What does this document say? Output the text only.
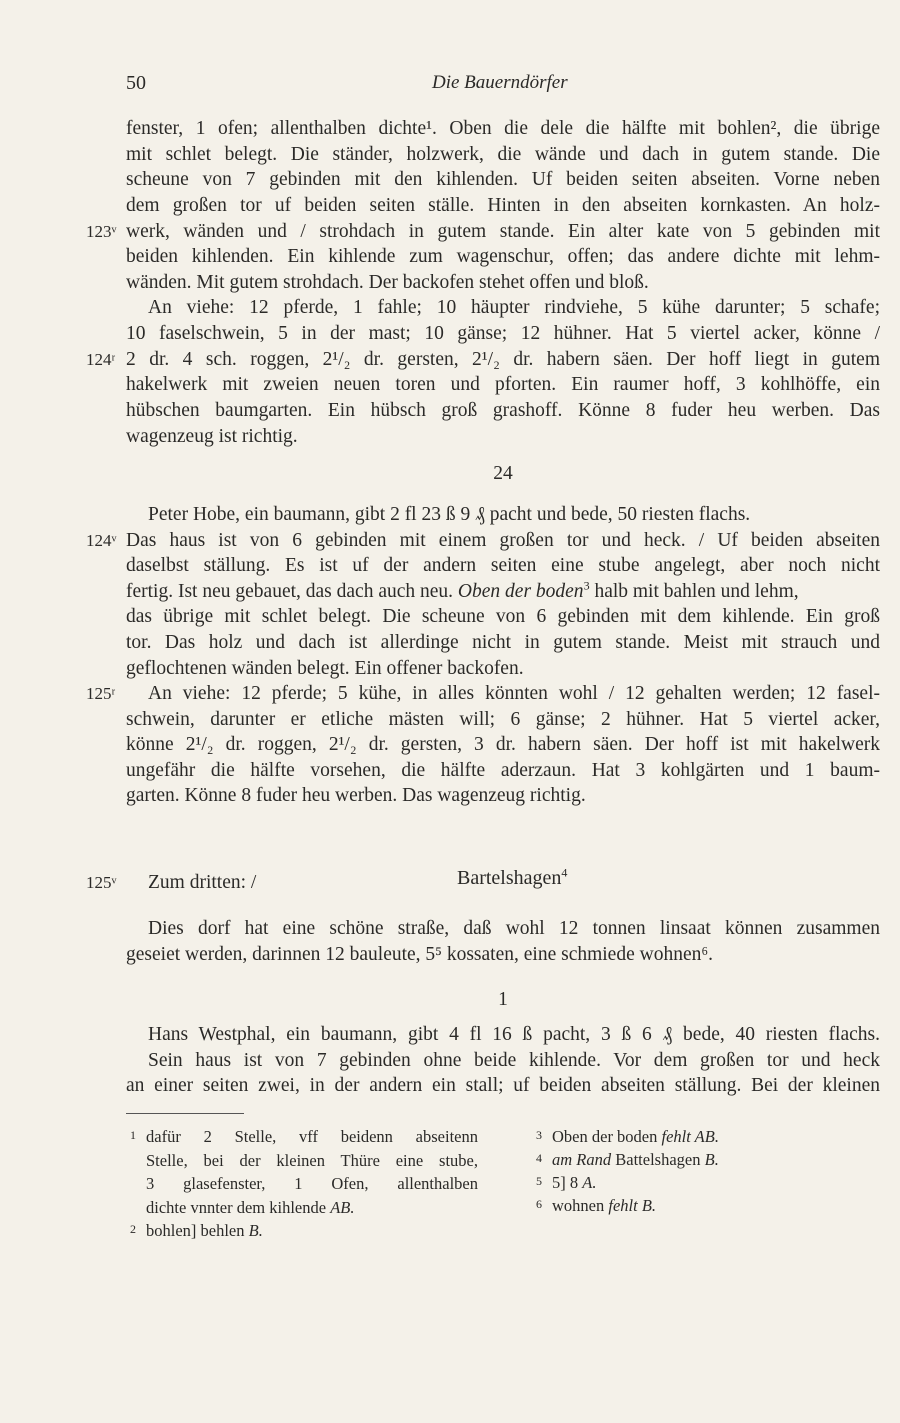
50	Die Bauerndörfer
fenster, 1 ofen; allenthalben dichte¹. Oben die dele die hälfte mit bohlen², die übrige
mit schlet belegt. Die ständer, holzwerk, die wände und dach in gutem stande. Die
scheune von 7 gebinden mit den kihlenden. Uf beiden seiten abseiten. Vorne neben
dem großen tor uf beiden seiten ställe. Hinten in den abseiten kornkasten. An holz-
123ᵛ werk, wänden und / strohdach in gutem stande. Ein alter kate von 5 gebinden mit
beiden kihlenden. Ein kihlende zum wagenschur, offen; das andere dichte mit lehm-
wänden. Mit gutem strohdach. Der backofen stehet offen und bloß.
An viehe: 12 pferde, 1 fahle; 10 häupter rindviehe, 5 kühe darunter; 5 schafe;
10 faselschwein, 5 in der mast; 10 gänse; 12 hühner. Hat 5 viertel acker, könne /
124ʳ 2 dr. 4 sch. roggen, 2¹/₂ dr. gersten, 2¹/₂ dr. habern säen. Der hoff liegt in gutem
hakelwerk mit zweien neuen toren und pforten. Ein raumer hoff, 3 kohlhöffe, ein
hübschen baumgarten. Ein hübsch groß grashoff. Könne 8 fuder heu werben. Das
wagenzeug ist richtig.
24
Peter Hobe, ein baumann, gibt 2 fl 23 ß 9 ₰ pacht und bede, 50 riesten flachs.
124ᵛ Das haus ist von 6 gebinden mit einem großen tor und heck. / Uf beiden abseiten
daselbst ställung. Es ist uf der andern seiten eine stube angelegt, aber noch nicht
fertig. Ist neu gebauet, das dach auch neu. Oben der boden$^3$ halb mit bahlen und lehm,
das übrige mit schlet belegt. Die scheune von 6 gebinden mit dem kihlende. Ein groß
tor. Das holz und dach ist allerdinge nicht in gutem stande. Meist mit strauch und
geflochtenen wänden belegt. Ein offener backofen.
125ʳ	An viehe: 12 pferde; 5 kühe, in alles könnten wohl / 12 gehalten werden; 12 fasel-
schwein, darunter er etliche mästen will; 6 gänse; 2 hühner. Hat 5 viertel acker,
könne 2¹/₂ dr. roggen, 2¹/₂ dr. gersten, 3 dr. habern säen. Der hoff ist mit hakelwerk
ungefähr die hälfte vorsehen, die hälfte aderzaun. Hat 3 kohlgärten und 1 baum-
garten. Könne 8 fuder heu werben. Das wagenzeug richtig.
125ᵛ Zum dritten: /	Bartelshagen$^4$
Dies dorf hat eine schöne straße, daß wohl 12 tonnen linsaat können zusammen
geseiet werden, darinnen 12 bauleute, 5⁵ kossaten, eine schmiede wohnen⁶.
1
Hans Westphal, ein baumann, gibt 4 fl 16 ß pacht, 3 ß 6 ₰ bede, 40 riesten flachs.
Sein haus ist von 7 gebinden ohne beide kihlende. Vor dem großen tor und heck
an einer seiten zwei, in der andern ein stall; uf beiden abseiten ställung. Bei der kleinen
1 dafür 2 Stelle, vff beidenn abseitenn
Stelle, bei der kleinen Thüre eine stube,
3 glasefenster, 1 Ofen, allenthalben
dichte vnnter dem kihlende AB.
2 bohlen] behlen B.
3 Oben der boden fehlt AB.
4 am Rand Battelshagen B.
5 5] 8 A.
6 wohnen fehlt B.
